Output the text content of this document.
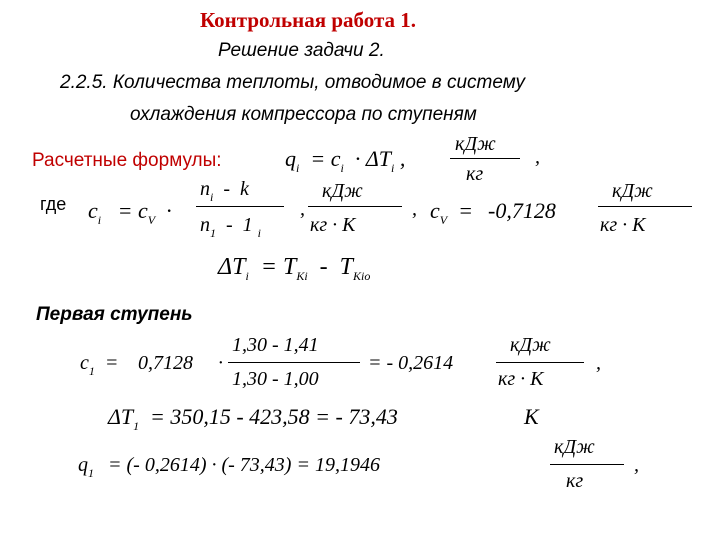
Контрольная работа 1.
Решение задачи 2.
2.2.5. Количества теплоты, отводимое в систему
охлаждения компрессора по ступеням
Расчетные формулы:	$q_i = c_i \cdot \Delta T_i$ ,
кДж
кг
,
где $c_i = c_V$  ·
$n_i$  -  k
$n_1 - 1$ $_i$
,
кДж
кг · К
, $c_V = -0,7128$
кДж
кг · К
$\Delta T_i = T_{Ki} - T_{Kio}$
Первая ступень
$c_1 = 0,7128$ ·
1,30 - 1,41
1,30 - 1,00
= - 0,2614
кДж
кг · К
,
$\Delta T_1 = 350,15 - 423,58$ = - 73,43	К
$q_1$ = (- 0,2614) · (- 73,43) = 19,1946
кДж
кг
,
